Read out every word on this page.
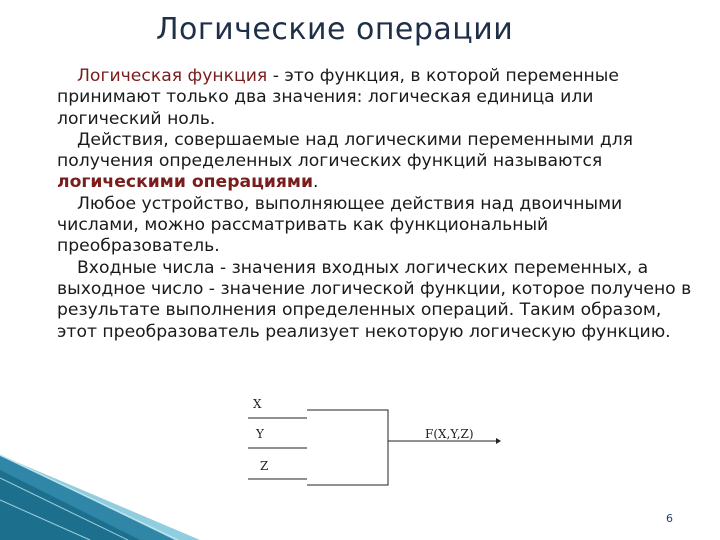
Логические операции

Логическая функция - это функция, в которой переменные принимают только два значения: логическая единица или логический ноль.

Действия, совершаемые над логическими переменными для получения определенных логических функций называются логическими операциями.

Любое устройство, выполняющее действия над двоичными числами, можно рассматривать как функциональный преобразователь.

Входные числа - значения входных логических переменных, а выходное число - значение логической функции, которое получено в результате выполнения определенных операций. Таким образом, этот преобразователь реализует некоторую логическую функцию.

X
Y
Z
F(X,Y,Z)
6
